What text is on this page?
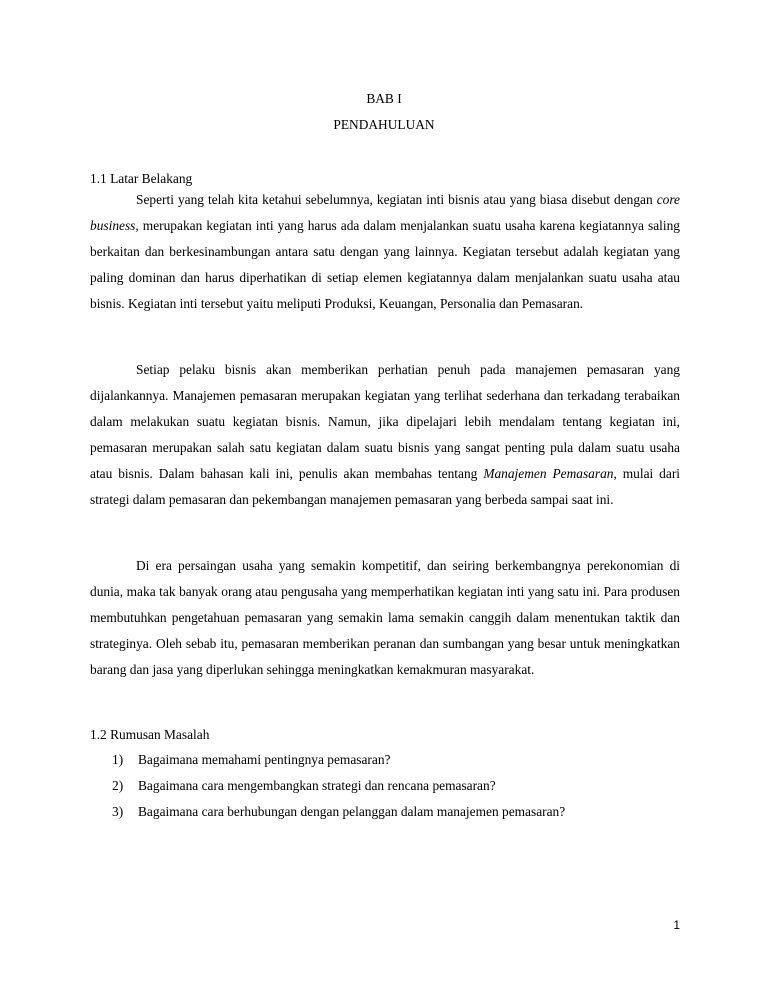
BAB I
PENDAHULUAN
1.1 Latar Belakang

Seperti yang telah kita ketahui sebelumnya, kegiatan inti bisnis atau yang biasa disebut dengan core business, merupakan kegiatan inti yang harus ada dalam menjalankan suatu usaha karena kegiatannya saling berkaitan dan berkesinambungan antara satu dengan yang lainnya. Kegiatan tersebut adalah kegiatan yang paling dominan dan harus diperhatikan di setiap elemen kegiatannya dalam menjalankan suatu usaha atau bisnis. Kegiatan inti tersebut yaitu meliputi Produksi, Keuangan, Personalia dan Pemasaran.

Setiap pelaku bisnis akan memberikan perhatian penuh pada manajemen pemasaran yang dijalankannya. Manajemen pemasaran merupakan kegiatan yang terlihat sederhana dan terkadang terabaikan dalam melakukan suatu kegiatan bisnis. Namun, jika dipelajari lebih mendalam tentang kegiatan ini, pemasaran merupakan salah satu kegiatan dalam suatu bisnis yang sangat penting pula dalam suatu usaha atau bisnis. Dalam bahasan kali ini, penulis akan membahas tentang Manajemen Pemasaran, mulai dari strategi dalam pemasaran dan pekembangan manajemen pemasaran yang berbeda sampai saat ini.

Di era persaingan usaha yang semakin kompetitif, dan seiring berkembangnya perekonomian di dunia, maka tak banyak orang atau pengusaha yang memperhatikan kegiatan inti yang satu ini. Para produsen membutuhkan pengetahuan pemasaran yang semakin lama semakin canggih dalam menentukan taktik dan strateginya. Oleh sebab itu, pemasaran memberikan peranan dan sumbangan yang besar untuk meningkatkan barang dan jasa yang diperlukan sehingga meningkatkan kemakmuran masyarakat.

1.2 Rumusan Masalah
1) Bagaimana memahami pentingnya pemasaran?
2) Bagaimana cara mengembangkan strategi dan rencana pemasaran?
3) Bagaimana cara berhubungan dengan pelanggan dalam manajemen pemasaran?
1
